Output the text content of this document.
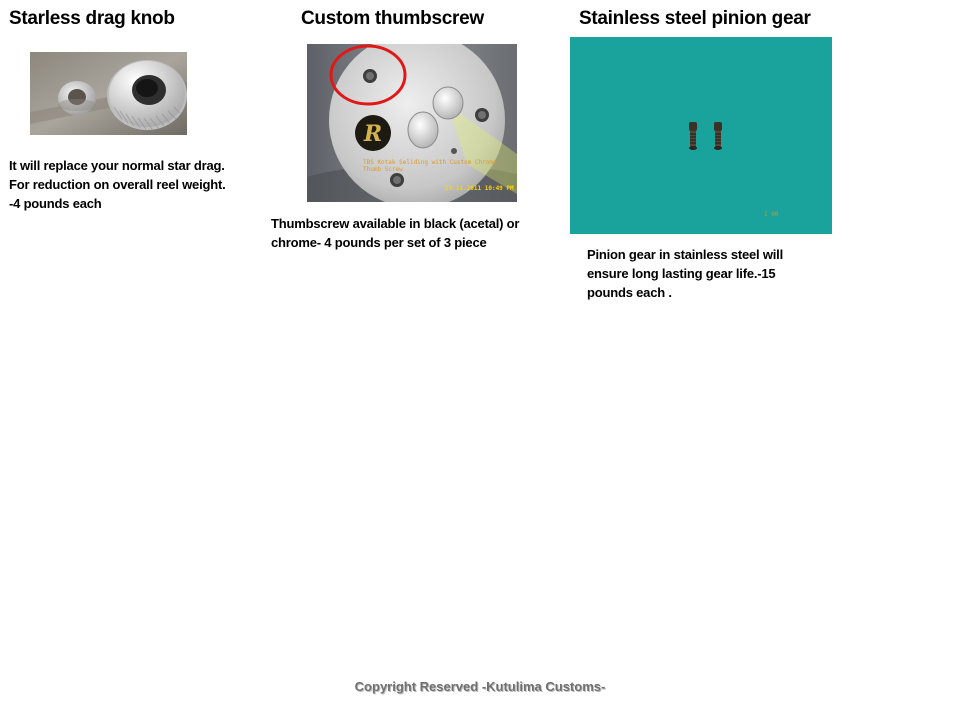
Starless drag knob

It will replace your normal star drag.
For reduction on overall reel weight.
-4 pounds each

Custom thumbscrew
R
TBS Kotak Seliding with Custom Chrome Thumb Screw
23.11.2011 10:49 PM

Thumbscrew available in black (acetal) or
chrome- 4 pounds per set of 3 piece

Stainless steel pinion gear
1 00

Pinion gear in stainless steel will
ensure long lasting gear life.-15
pounds each .

Copyright Reserved -Kutulima Customs-
